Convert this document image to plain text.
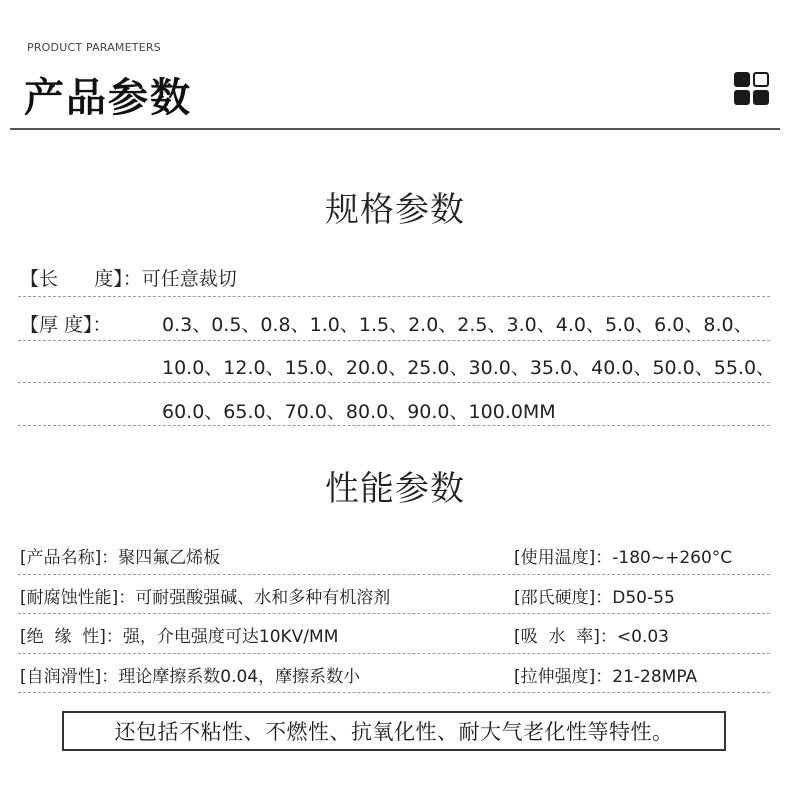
PRODUCT PARAMETERS
产品参数
规格参数
【长      度】：可任意裁切
【厚 度】：	0.3、0.5、0.8、1.0、1.5、2.0、2.5、3.0、4.0、5.0、6.0、8.0、
10.0、12.0、15.0、20.0、25.0、30.0、35.0、40.0、50.0、55.0、
60.0、65.0、70.0、80.0、90.0、100.0MM
性能参数
[产品名称]：聚四氟乙烯板
[耐腐蚀性能]：可耐强酸强碱、水和多种有机溶剂
[绝  缘  性]：强，介电强度可达10KV/MM
[自润滑性]：理论摩擦系数0.04，摩擦系数小
[使用温度]：-180~+260°C
[邵氏硬度]：D50-55
[吸  水  率]：<0.03
[拉伸强度]：21-28MPA
还包括不粘性、不燃性、抗氧化性、耐大气老化性等特性。
